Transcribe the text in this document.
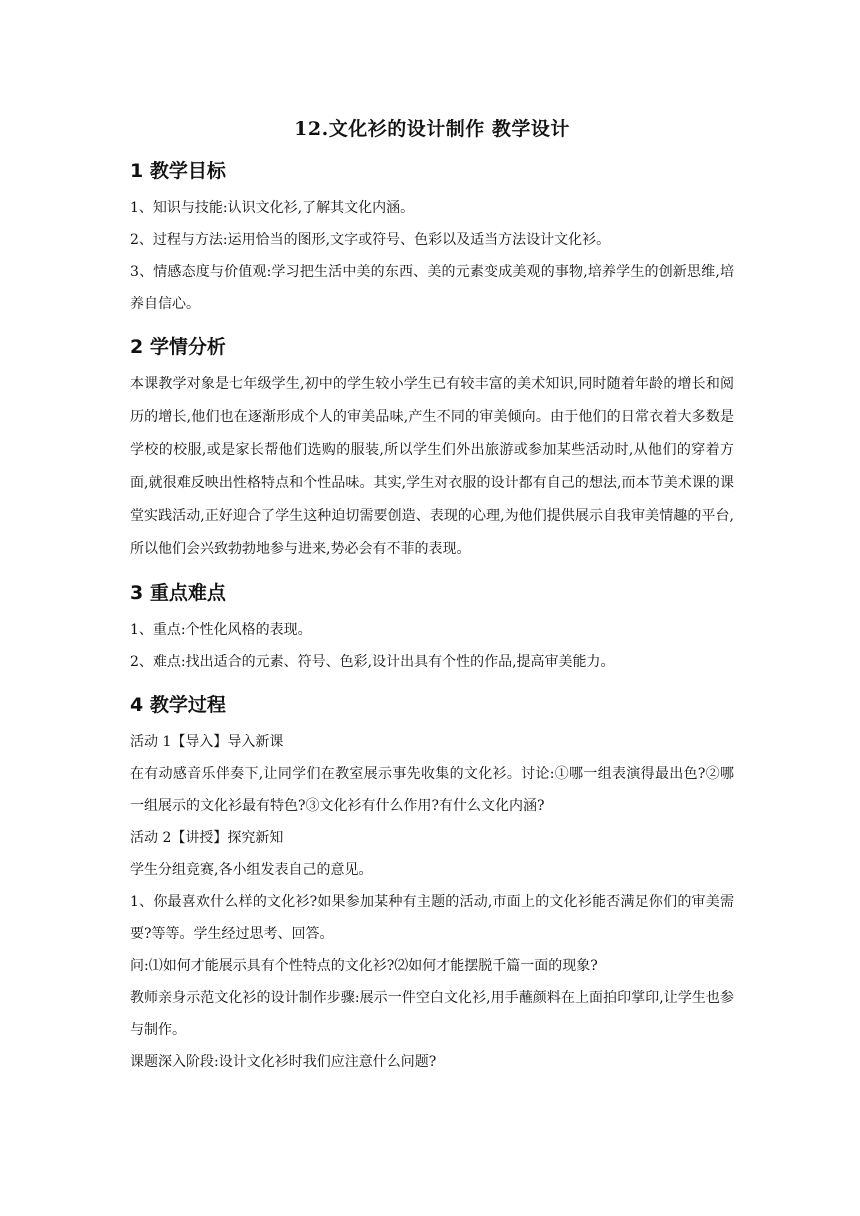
12.文化衫的设计制作 教学设计
1 教学目标

1、知识与技能:认识文化衫,了解其文化内涵。

2、过程与方法:运用恰当的图形,文字或符号、色彩以及适当方法设计文化衫。

3、情感态度与价值观:学习把生活中美的东西、美的元素变成美观的事物,培养学生的创新思维,培养自信心。

2 学情分析

本课教学对象是七年级学生,初中的学生较小学生已有较丰富的美术知识,同时随着年龄的增长和阅历的增长,他们也在逐渐形成个人的审美品味,产生不同的审美倾向。由于他们的日常衣着大多数是学校的校服,或是家长帮他们选购的服装,所以学生们外出旅游或参加某些活动时,从他们的穿着方面,就很难反映出性格特点和个性品味。其实,学生对衣服的设计都有自己的想法,而本节美术课的课堂实践活动,正好迎合了学生这种迫切需要创造、表现的心理,为他们提供展示自我审美情趣的平台,所以他们会兴致勃勃地参与进来,势必会有不菲的表现。

3 重点难点

1、重点:个性化风格的表现。

2、难点:找出适合的元素、符号、色彩,设计出具有个性的作品,提高审美能力。

4 教学过程

活动 1【导入】导入新课

在有动感音乐伴奏下,让同学们在教室展示事先收集的文化衫。讨论:①哪一组表演得最出色?②哪一组展示的文化衫最有特色?③文化衫有什么作用?有什么文化内涵?

活动 2【讲授】探究新知

学生分组竞赛,各小组发表自己的意见。

1、你最喜欢什么样的文化衫?如果参加某种有主题的活动,市面上的文化衫能否满足你们的审美需要?等等。学生经过思考、回答。

问:⑴如何才能展示具有个性特点的文化衫?⑵如何才能摆脱千篇一面的现象?

教师亲身示范文化衫的设计制作步骤:展示一件空白文化衫,用手蘸颜料在上面拍印掌印,让学生也参与制作。

课题深入阶段:设计文化衫时我们应注意什么问题?
